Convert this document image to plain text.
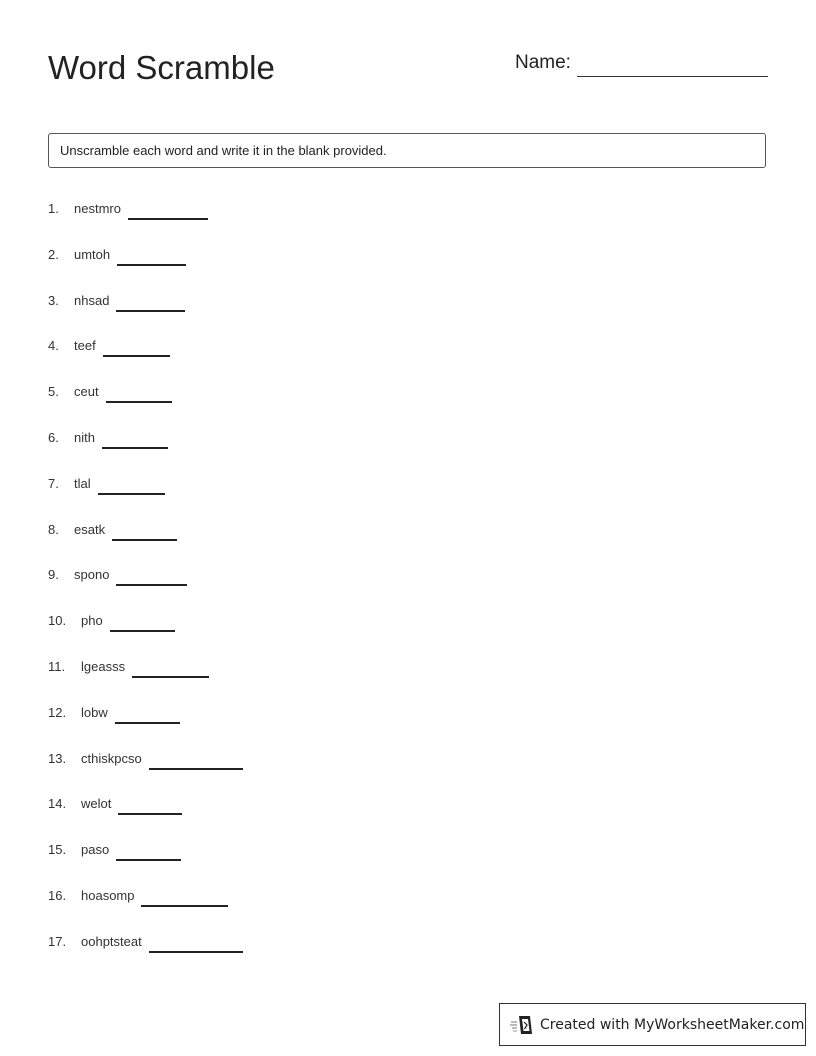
Word Scramble	Name:
Unscramble each word and write it in the blank provided.
1.	nestmro
2.	umtoh
3.	nhsad
4.	teef
5.	ceut
6.	nith
7.	tlal
8.	esatk
9.	spono
10.	pho
11.	lgeasss
12.	lobw
13.	cthiskpcso
14.	welot
15.	paso
16.	hoasomp
17.	oohptsteat
Created with MyWorksheetMaker.com
